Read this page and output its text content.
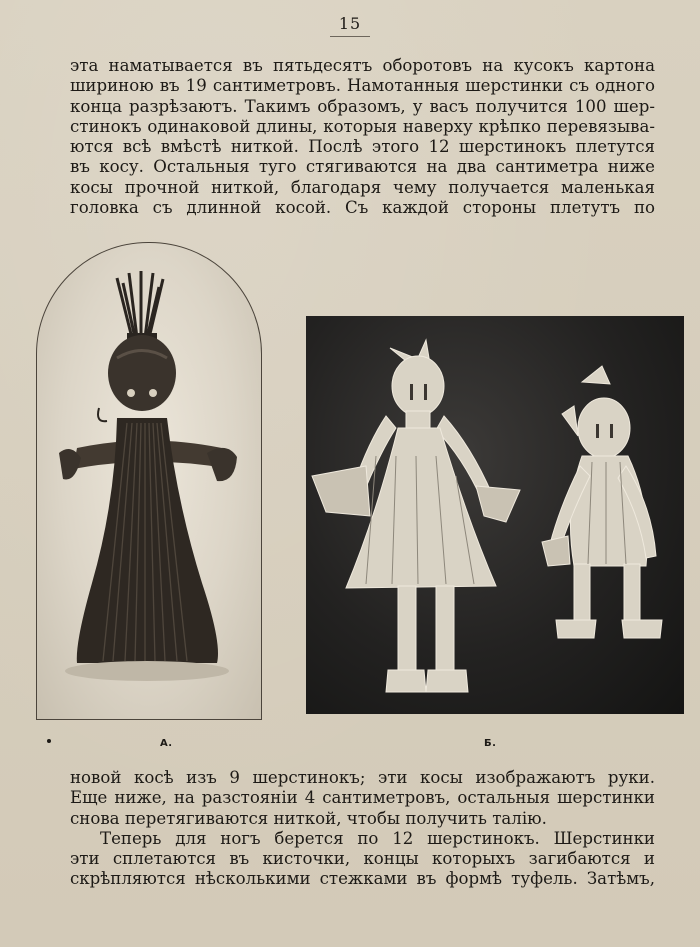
15
эта наматывается въ пятьдесятъ оборотовъ на кусокъ картона
шириною въ 19 сантиметровъ. Намотанныя шерстинки съ одного
конца разрѣзаютъ. Такимъ образомъ, у васъ получится 100 шер-
стинокъ одинаковой длины, которыя наверху крѣпко перевязыва-
ются всѣ вмѣстѣ ниткой. Послѣ этого 12 шерстинокъ плетутся
въ косу. Остальныя туго стягиваются на два сантиметра ниже
косы прочной ниткой, благодаря чему получается маленькая
головка съ длинной косой. Съ каждой стороны плетутъ по
А.	Б.
новой косѣ изъ 9 шерстинокъ; эти косы изображаютъ руки.
Еще ниже, на разстояніи 4 сантиметровъ, остальныя шерстинки
снова перетягиваются ниткой, чтобы получить талію.
Теперь для ногъ берется по 12 шерстинокъ. Шерстинки
эти сплетаются въ кисточки, концы которыхъ загибаются и
скрѣпляются нѣсколькими стежками въ формѣ туфель. Затѣмъ,
